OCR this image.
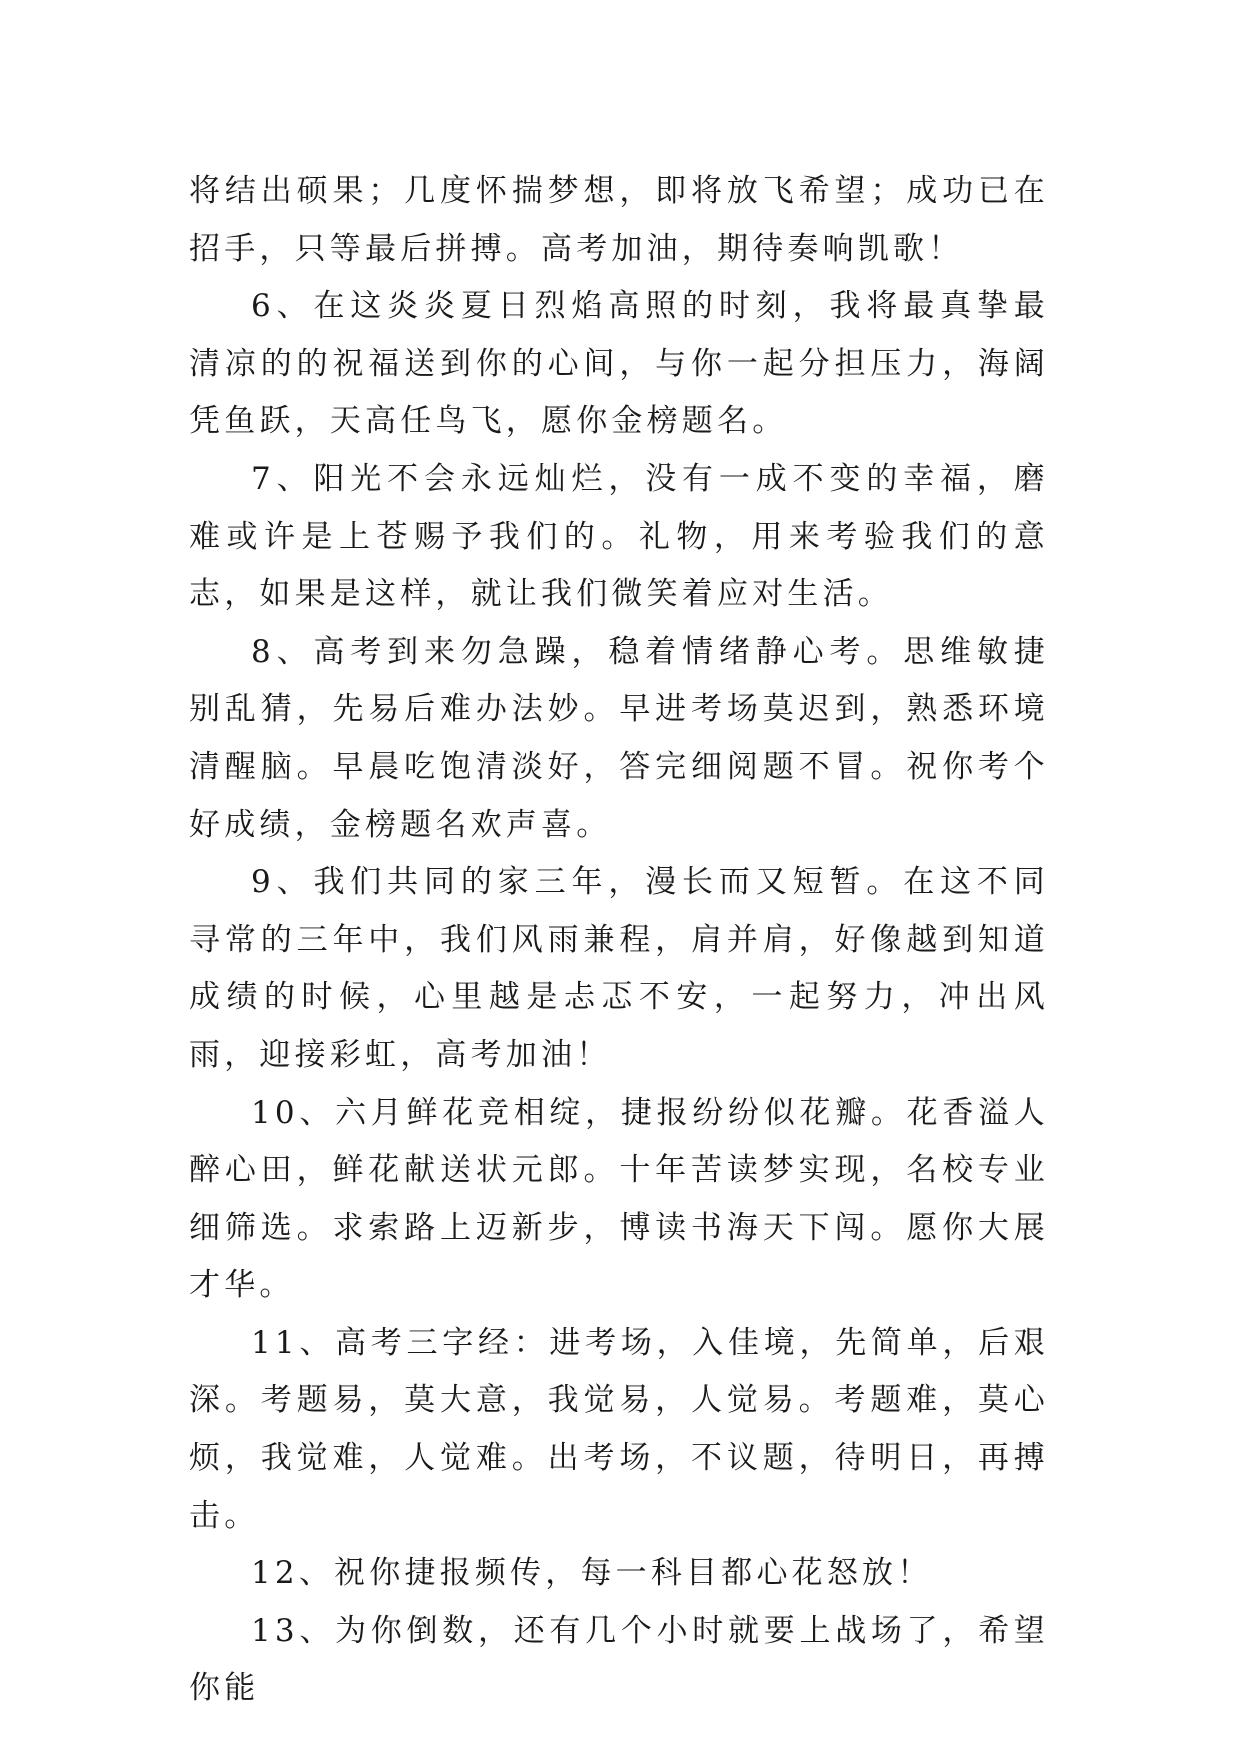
将结出硕果；几度怀揣梦想，即将放飞希望；成功已在招手，只等最后拼搏。高考加油，期待奏响凯歌！

6、在这炎炎夏日烈焰高照的时刻，我将最真挚最清凉的的祝福送到你的心间，与你一起分担压力，海阔凭鱼跃，天高任鸟飞，愿你金榜题名。

7、阳光不会永远灿烂，没有一成不变的幸福，磨难或许是上苍赐予我们的。礼物，用来考验我们的意志，如果是这样，就让我们微笑着应对生活。

8、高考到来勿急躁，稳着情绪静心考。思维敏捷别乱猜，先易后难办法妙。早进考场莫迟到，熟悉环境清醒脑。早晨吃饱清淡好，答完细阅题不冒。祝你考个好成绩，金榜题名欢声喜。

9、我们共同的家三年，漫长而又短暂。在这不同寻常的三年中，我们风雨兼程，肩并肩，好像越到知道成绩的时候，心里越是忐忑不安，一起努力，冲出风雨，迎接彩虹，高考加油！

10、六月鲜花竞相绽，捷报纷纷似花瓣。花香溢人醉心田，鲜花献送状元郎。十年苦读梦实现，名校专业细筛选。求索路上迈新步，博读书海天下闯。愿你大展才华。

11、高考三字经：进考场，入佳境，先简单，后艰深。考题易，莫大意，我觉易，人觉易。考题难，莫心烦，我觉难，人觉难。出考场，不议题，待明日，再搏击。

12、祝你捷报频传，每一科目都心花怒放！

13、为你倒数，还有几个小时就要上战场了，希望你能
